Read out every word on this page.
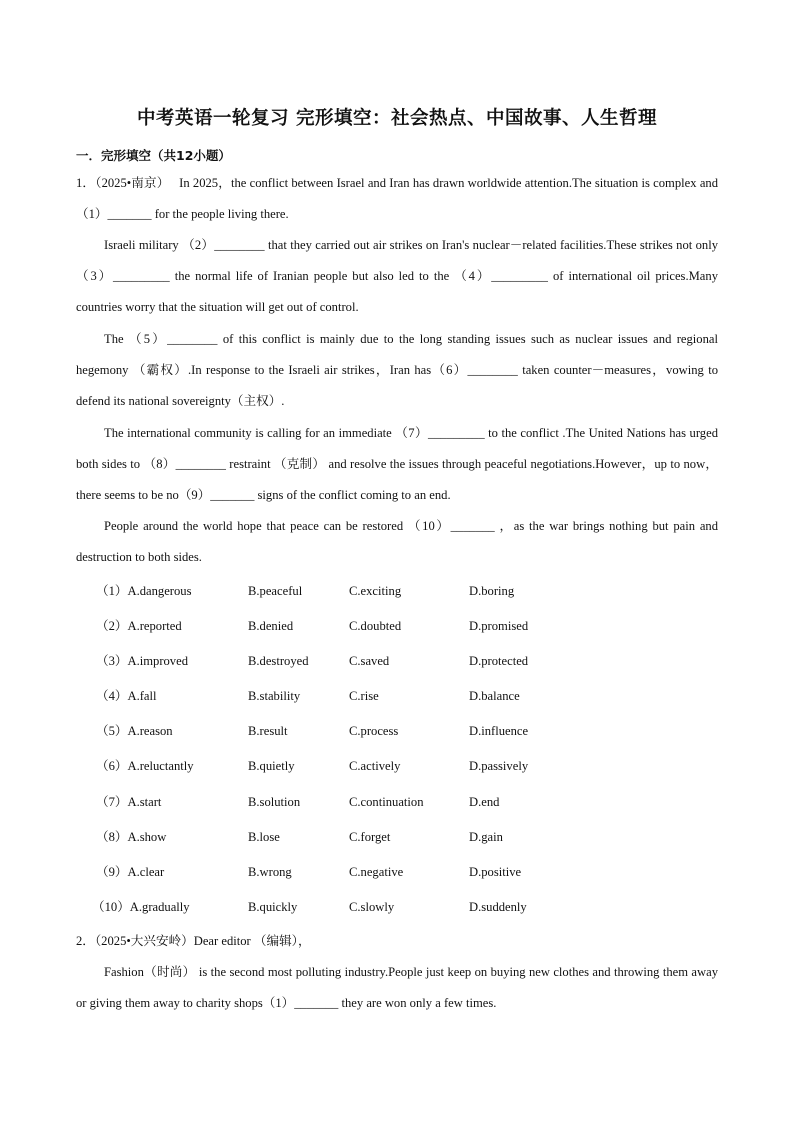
中考英语一轮复习 完形填空：社会热点、中国故事、人生哲理
一．完形填空（共12小题）
1．（2025•南京）　 In 2025，the conflict between Israel and Iran has drawn worldwide attention.The situation is complex and （1）_______ for the people living there.
Israeli military （2）________ that they carried out air strikes on Iran's nuclear－related facilities.These strikes not only （3）_________ the normal life of Iranian people but also led to the （4）_________ of international oil prices.Many countries worry that the situation will get out of control.
The （5）________ of this conflict is mainly due to the long standing issues such as nuclear issues and regional hegemony （霸权）.In response to the Israeli air strikes，Iran has（6）________ taken counter－measures，vowing to defend its national sovereignty（主权）.
The international community is calling for an immediate （7）_________ to the conflict .The United Nations has urged both sides to （8）________ restraint （克制） and resolve the issues through peaceful negotiations.However，up to now，there seems to be no（9）_______ signs of the conflict coming to an end.
People around the world hope that peace can be restored （10）_______ ，as the war brings nothing but pain and destruction to both sides.
（1）A.dangerous	B.peaceful	C.exciting	D.boring
（2）A.reported	B.denied	C.doubted	D.promised
（3）A.improved	B.destroyed	C.saved	D.protected
（4）A.fall	B.stability	C.rise	D.balance
（5）A.reason	B.result	C.process	D.influence
（6）A.reluctantly	B.quietly	C.actively	D.passively
（7）A.start	B.solution	C.continuation	D.end
（8）A.show	B.lose	C.forget	D.gain
（9）A.clear	B.wrong	C.negative	D.positive
（10）A.gradually	B.quickly	C.slowly	D.suddenly
2．（2025•大兴安岭）Dear editor （编辑），
Fashion（时尚） is the second most polluting industry.People just keep on buying new clothes and throwing them away or giving them away to charity shops（1）_______ they are won only a few times.
